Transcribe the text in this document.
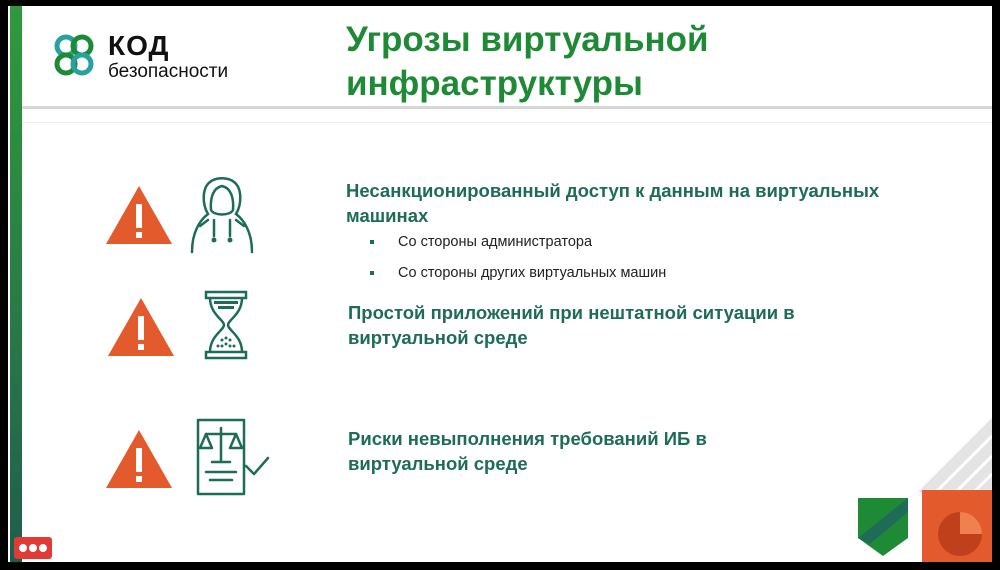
КОД
безопасности
Угрозы виртуальной инфраструктуры
Несанкционированный доступ к данным на виртуальных машинах
Со стороны администратора
Со стороны других виртуальных машин
Простой приложений при нештатной ситуации в виртуальной среде
Риски невыполнения требований ИБ в виртуальной среде
